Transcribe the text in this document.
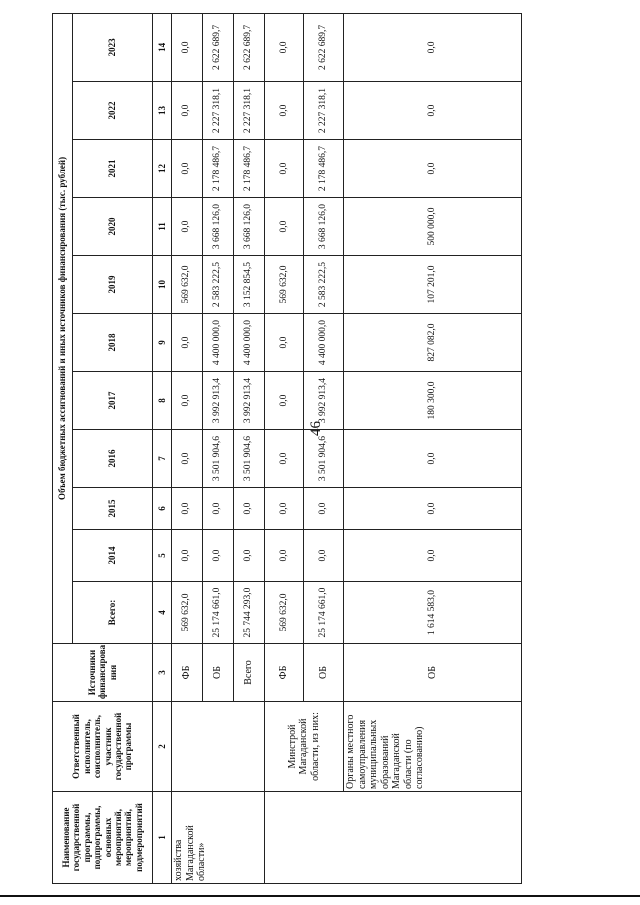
46
Наименование государственной программы, подпрограммы, основных мероприятий, мероприятий, подмероприятий	Ответственный исполнитель, соисполнитель, участник государственной программы	Источники финансирова ния	Объем бюджетных ассигнований и иных источников финансирования (тыс. рублей)										
			Всего:	2014	2015	2016	2017	2018	2019	2020	2021	2022	2023
1	2	3	4	5	6	7	8	9	10	11	12	13	14
хозяйства Магаданской области»		ФБ	569 632,0	0,0	0,0	0,0	0,0	0,0	569 632,0	0,0	0,0	0,0	0,0
		ОБ	25 174 661,0	0,0	0,0	3 501 904,6	3 992 913,4	4 400 000,0	2 583 222,5	3 668 126,0	2 178 486,7	2 227 318,1	2 622 689,7
		Всего	25 744 293,0	0,0	0,0	3 501 904,6	3 992 913,4	4 400 000,0	3 152 854,5	3 668 126,0	2 178 486,7	2 227 318,1	2 622 689,7
	Минстрой Магаданской области, из них:	ФБ	569 632,0	0,0	0,0	0,0	0,0	0,0	569 632,0	0,0	0,0	0,0	0,0
		ОБ	25 174 661,0	0,0	0,0	3 501 904,6	3 992 913,4	4 400 000,0	2 583 222,5	3 668 126,0	2 178 486,7	2 227 318,1	2 622 689,7
	Органы местного самоуправления муниципальных образований Магаданской области (по согласованию)	ОБ	1 614 583,0	0,0	0,0	0,0	180 300,0	827 082,0	107 201,0	500 000,0	0,0	0,0	0,0
